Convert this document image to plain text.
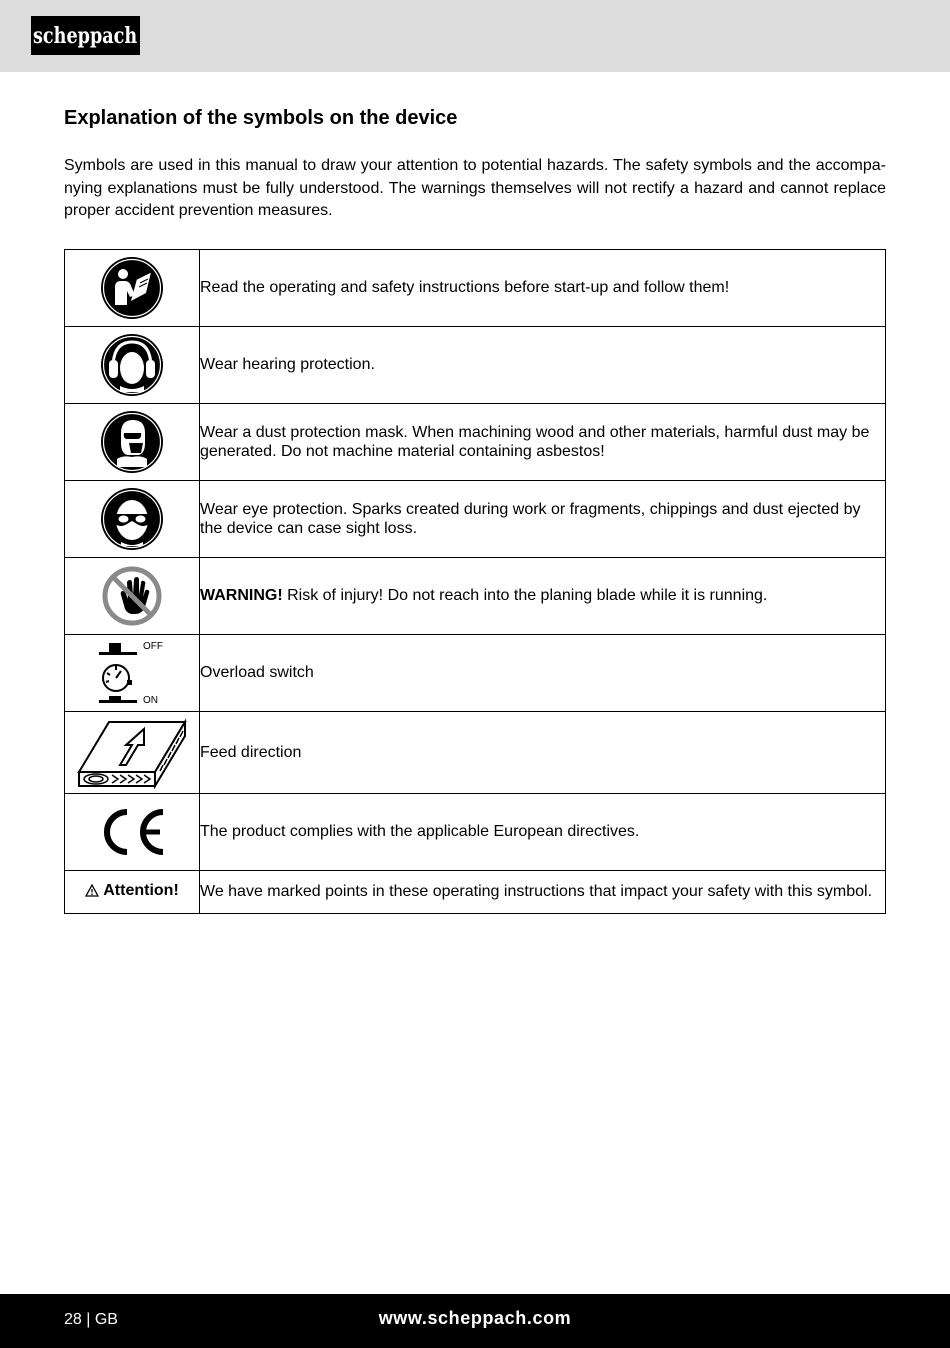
scheppach
Explanation of the symbols on the device

Symbols are used in this manual to draw your attention to potential hazards. The safety symbols and the accompa-nying explanations must be fully understood. The warnings themselves will not rectify a hazard and cannot replace proper accident prevention measures.

	Read the operating and safety instructions before start-up and follow them!

	Wear hearing protection.

	Wear a dust protection mask. When machining wood and other materials, harmful dust may be generated. Do not machine material containing asbestos!

	Wear eye protection. Sparks created during work or fragments, chippings and dust ejected by the device can case sight loss.

	WARNING! Risk of injury! Do not reach into the planing blade while it is running.

OFF
ON	Overload switch

	Feed direction

	The product complies with the applicable European directives.

Attention!	We have marked points in these operating instructions that impact your safety with this symbol.
28 | GB	www.scheppach.com
